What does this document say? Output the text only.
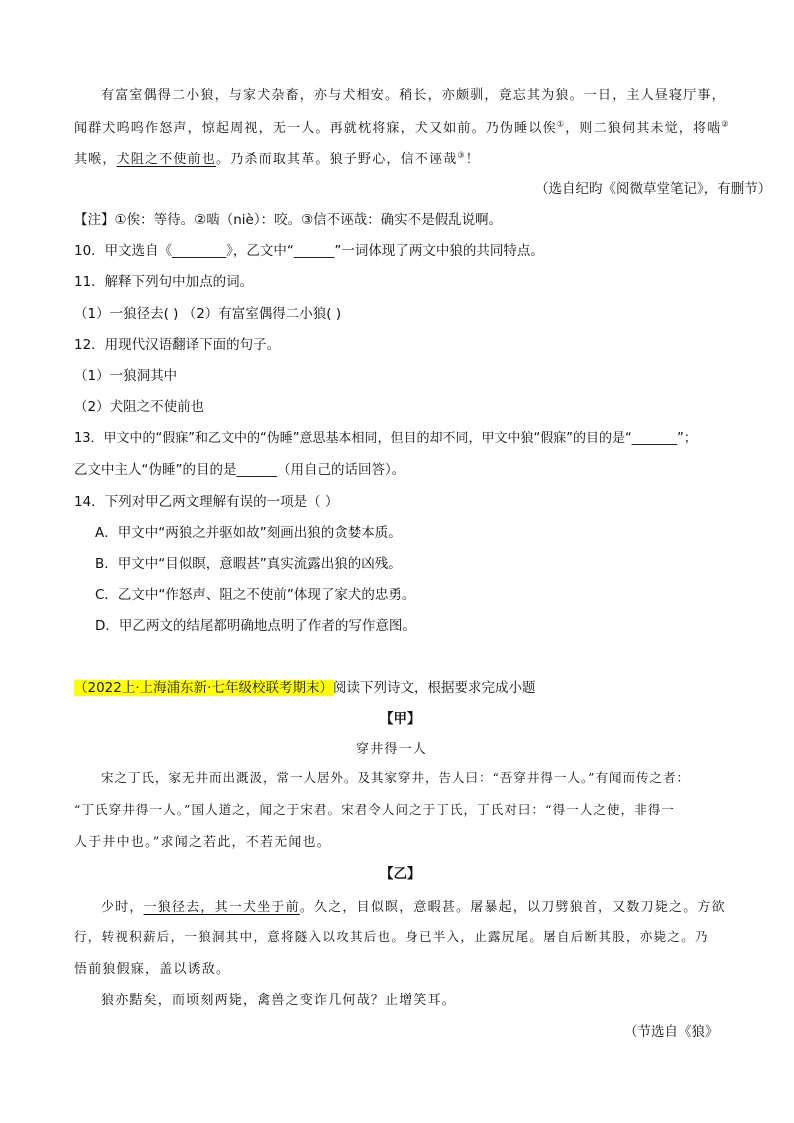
有富室偶得二小狼，与家犬杂畜，亦与犬相安。稍长，亦颇驯，竟忘其为狼。一日，主人昼寝厅事，
闻群犬呜呜作怒声，惊起周视，无一人。再就枕将寐，犬又如前。乃伪睡以俟①，则二狼伺其未觉，将啮②
其喉，犬阻之不使前也。乃杀而取其革。狼子野心，信不诬哉③！
（选自纪昀《阅微草堂笔记》，有删节）
【注】①俟：等待。②啮（niè）：咬。③信不诬哉：确实不是假乱说啊。
10．甲文选自《________》，乙文中“______”一词体现了两文中狼的共同特点。
11．解释下列句中加点的词。
（1）一狼径去( ) （2）有富室偶得二小狼( )
12．用现代汉语翻译下面的句子。
（1）一狼洞其中
（2）犬阻之不使前也
13．甲文中的“假寐”和乙文中的“伪睡”意思基本相同，但目的却不同，甲文中狼“假寐”的目的是“_______”；
乙文中主人“伪睡”的目的是______（用自己的话回答）。
14．下列对甲乙两文理解有误的一项是（ ）
A．甲文中“两狼之并驱如故”刻画出狼的贪婪本质。
B．甲文中“目似瞑，意暇甚”真实流露出狼的凶残。
C．乙文中“作怒声、阻之不使前”体现了家犬的忠勇。
D．甲乙两文的结尾都明确地点明了作者的写作意图。
（2022上·上海浦东新·七年级校联考期末）阅读下列诗文，根据要求完成小题
【甲】
穿井得一人
宋之丁氏，家无井而出溉汲，常一人居外。及其家穿井，告人曰：“吾穿井得一人。”有闻而传之者：
“丁氏穿井得一人。”国人道之，闻之于宋君。宋君令人问之于丁氏，丁氏对曰：“得一人之使，非得一
人于井中也。”求闻之若此，不若无闻也。
【乙】
少时，一狼径去，其一犬坐于前。久之，目似瞑，意暇甚。屠暴起，以刀劈狼首，又数刀毙之。方欲
行，转视积薪后，一狼洞其中，意将隧入以攻其后也。身已半入，止露尻尾。屠自后断其股，亦毙之。乃
悟前狼假寐，盖以诱敌。
狼亦黠矣，而顷刻两毙，禽兽之变诈几何哉？止增笑耳。
（节选自《狼》
